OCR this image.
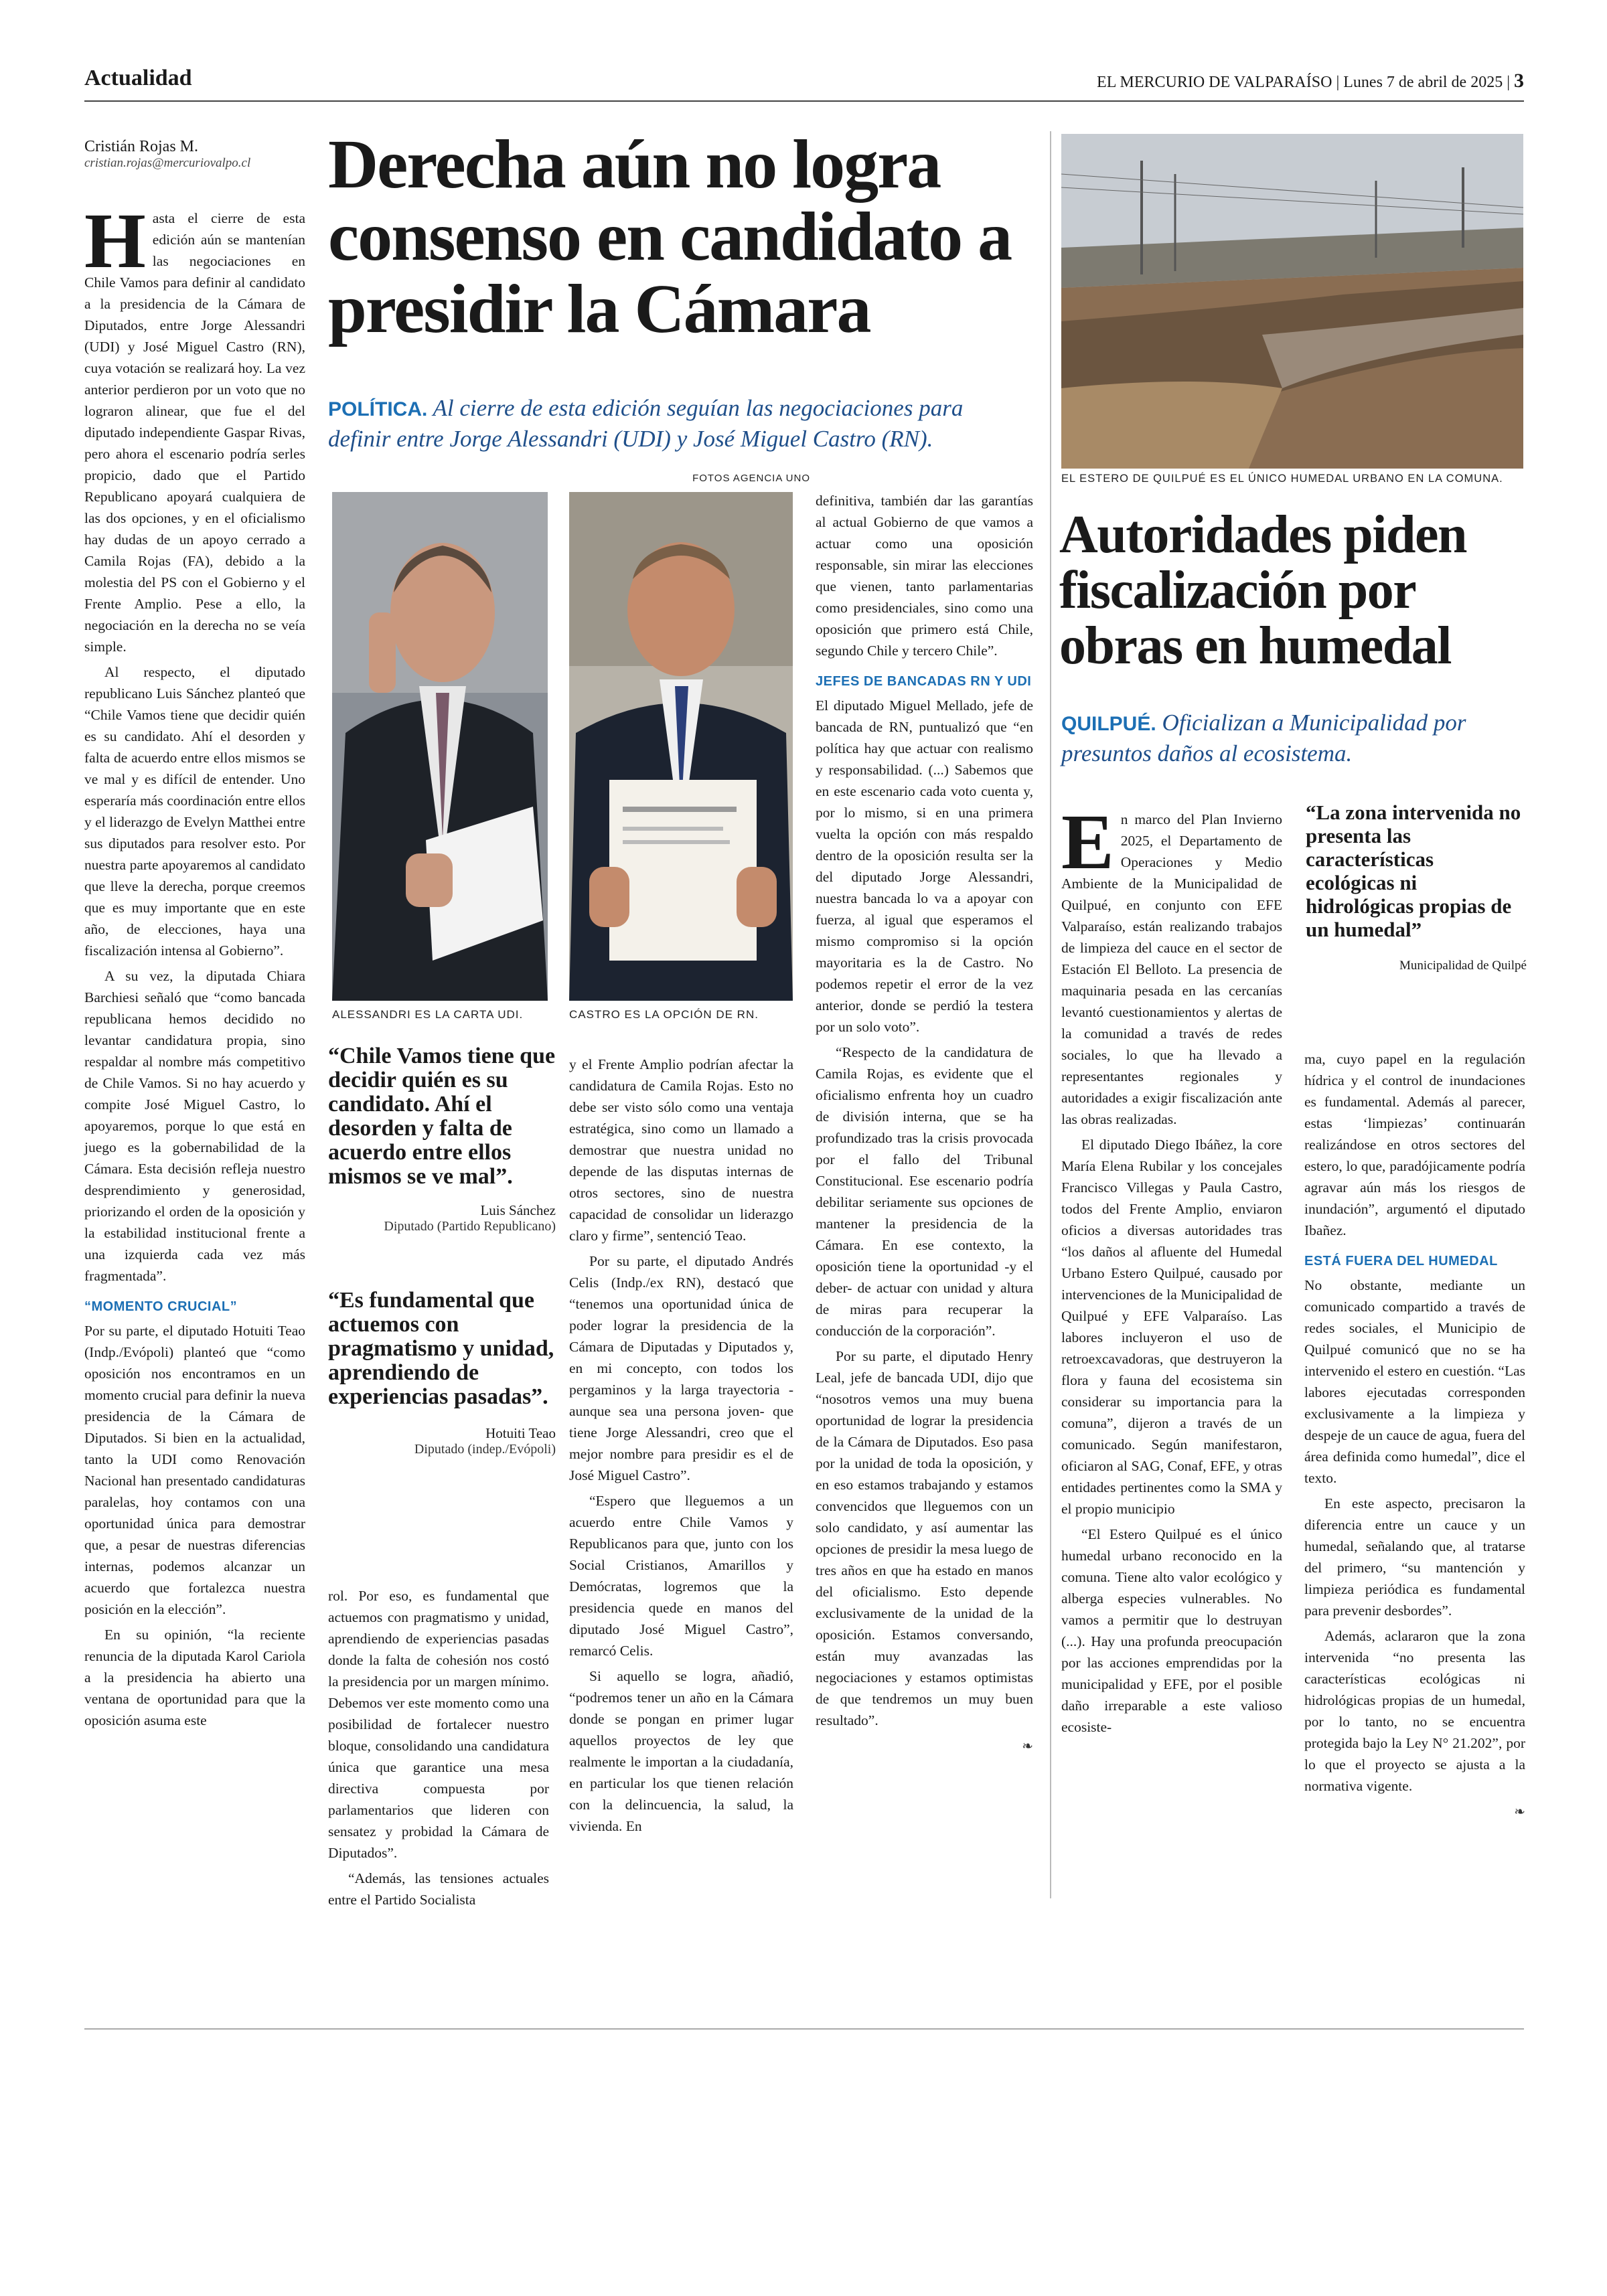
Actualidad	EL MERCURIO DE VALPARAÍSO | Lunes 7 de abril de 2025 | 3
Cristián Rojas M.
cristian.rojas@mercuriovalpo.cl	Derecha aún no logra consenso en candidato a presidir la Cámara
POLÍTICA. Al cierre de esta edición seguían las negociaciones para definir entre Jorge Alessandri (UDI) y José Miguel Castro (RN).
FOTOS AGENCIA UNO
ALESSANDRI ES LA CARTA UDI.	CASTRO ES LA OPCIÓN DE RN.
H asta el cierre de esta edición aún se mantenían las negociaciones en Chile Vamos para definir al candidato a la presidencia de la Cámara de Diputados, entre Jorge Alessandri (UDI) y José Miguel Castro (RN), cuya votación se realizará hoy. La vez anterior perdieron por un voto que no lograron alinear, que fue el del diputado independiente Gaspar Rivas, pero ahora el escenario podría serles propicio, dado que el Partido Republicano apoyará cualquiera de las dos opciones, y en el oficialismo hay dudas de un apoyo cerrado a Camila Rojas (FA), debido a la molestia del PS con el Gobierno y el Frente Amplio. Pese a ello, la negociación en la derecha no se veía simple.

Al respecto, el diputado republicano Luis Sánchez planteó que “Chile Vamos tiene que decidir quién es su candidato. Ahí el desorden y falta de acuerdo entre ellos mismos se ve mal y es difícil de entender. Uno esperaría más coordinación entre ellos y el liderazgo de Evelyn Matthei entre sus diputados para resolver esto. Por nuestra parte apoyaremos al candidato que lleve la derecha, porque creemos que es muy importante que en este año, de elecciones, haya una fiscalización intensa al Gobierno”.

A su vez, la diputada Chiara Barchiesi señaló que “como bancada republicana hemos decidido no levantar candidatura propia, sino respaldar al nombre más competitivo de Chile Vamos. Si no hay acuerdo y compite José Miguel Castro, lo apoyaremos, porque lo que está en juego es la gobernabilidad de la Cámara. Esta decisión refleja nuestro desprendimiento y generosidad, priorizando el orden de la oposición y la estabilidad institucional frente a una izquierda cada vez más fragmentada”.

“MOMENTO CRUCIAL”

Por su parte, el diputado Hotuiti Teao (Indp./Evópoli) planteó que “como oposición nos encontramos en un momento crucial para definir la nueva presidencia de la Cámara de Diputados. Si bien en la actualidad, tanto la UDI como Renovación Nacional han presentado candidaturas paralelas, hoy contamos con una oportunidad única para demostrar que, a pesar de nuestras diferencias internas, podemos alcanzar un acuerdo que fortalezca nuestra posición en la elección”.

En su opinión, “la reciente renuncia de la diputada Karol Cariola a la presidencia ha abierto una ventana de oportunidad para que la oposición asuma este

“Chile Vamos tiene que decidir quién es su candidato. Ahí el desorden y falta de acuerdo entre ellos mismos se ve mal”.
Luis Sánchez
Diputado (Partido Republicano)
“Es fundamental que actuemos con pragmatismo y unidad, aprendiendo de experiencias pasadas”.
Hotuiti Teao
Diputado (indep./Evópoli)

rol. Por eso, es fundamental que actuemos con pragmatismo y unidad, aprendiendo de experiencias pasadas donde la falta de cohesión nos costó la presidencia por un margen mínimo. Debemos ver este momento como una posibilidad de fortalecer nuestro bloque, consolidando una candidatura única que garantice una mesa directiva compuesta por parlamentarios que lideren con sensatez y probidad la Cámara de Diputados”.

“Además, las tensiones actuales entre el Partido Socialista

y el Frente Amplio podrían afectar la candidatura de Camila Rojas. Esto no debe ser visto sólo como una ventaja estratégica, sino como un llamado a demostrar que nuestra unidad no depende de las disputas internas de otros sectores, sino de nuestra capacidad de consolidar un liderazgo claro y firme”, sentenció Teao.

Por su parte, el diputado Andrés Celis (Indp./ex RN), destacó que “tenemos una oportunidad única de poder lograr la presidencia de la Cámara de Diputadas y Diputados y, en mi concepto, con todos los pergaminos y la larga trayectoria -aunque sea una persona joven- que tiene Jorge Alessandri, creo que el mejor nombre para presidir es el de José Miguel Castro”.

“Espero que lleguemos a un acuerdo entre Chile Vamos y Republicanos para que, junto con los Social Cristianos, Amarillos y Demócratas, logremos que la presidencia quede en manos del diputado José Miguel Castro”, remarcó Celis.

Si aquello se logra, añadió, “podremos tener un año en la Cámara donde se pongan en primer lugar aquellos proyectos de ley que realmente le importan a la ciudadanía, en particular los que tienen relación con la delincuencia, la salud, la vivienda. En

definitiva, también dar las garantías al actual Gobierno de que vamos a actuar como una oposición responsable, sin mirar las elecciones que vienen, tanto parlamentarias como presidenciales, sino como una oposición que primero está Chile, segundo Chile y tercero Chile”.

JEFES DE BANCADAS RN Y UDI

El diputado Miguel Mellado, jefe de bancada de RN, puntualizó que “en política hay que actuar con realismo y responsabilidad. (...) Sabemos que en este escenario cada voto cuenta y, por lo mismo, si en una primera vuelta la opción con más respaldo dentro de la oposición resulta ser la del diputado Jorge Alessandri, nuestra bancada lo va a apoyar con fuerza, al igual que esperamos el mismo compromiso si la opción mayoritaria es la de Castro. No podemos repetir el error de la vez anterior, donde se perdió la testera por un solo voto”.

“Respecto de la candidatura de Camila Rojas, es evidente que el oficialismo enfrenta hoy un cuadro de división interna, que se ha profundizado tras la crisis provocada por el fallo del Tribunal Constitucional. Ese escenario podría debilitar seriamente sus opciones de mantener la presidencia de la Cámara. En ese contexto, la oposición tiene la oportunidad -y el deber- de actuar con unidad y altura de miras para recuperar la conducción de la corporación”.

Por su parte, el diputado Henry Leal, jefe de bancada UDI, dijo que “nosotros vemos una muy buena oportunidad de lograr la presidencia de la Cámara de Diputados. Eso pasa por la unidad de toda la oposición, y en eso estamos trabajando y estamos convencidos que lleguemos con un solo candidato, y así aumentar las opciones de presidir la mesa luego de tres años en que ha estado en manos del oficialismo. Esto depende exclusivamente de la unidad de la oposición. Estamos conversando, están muy avanzadas las negociaciones y estamos optimistas de que tendremos un muy buen resultado”.

❧
EL ESTERO DE QUILPUÉ ES EL ÚNICO HUMEDAL URBANO EN LA COMUNA.
Autoridades piden fiscalización por obras en humedal
QUILPUÉ. Oficializan a Municipalidad por presuntos daños al ecosistema.
E n marco del Plan Invierno 2025, el Departamento de Operaciones y Medio Ambiente de la Municipalidad de Quilpué, en conjunto con EFE Valparaíso, están realizando trabajos de limpieza del cauce en el sector de Estación El Belloto. La presencia de maquinaria pesada en las cercanías levantó cuestionamientos y alertas de la comunidad a través de redes sociales, lo que ha llevado a representantes regionales y autoridades a exigir fiscalización ante las obras realizadas.

El diputado Diego Ibáñez, la core María Elena Rubilar y los concejales Francisco Villegas y Paula Castro, todos del Frente Amplio, enviaron oficios a diversas autoridades tras “los daños al afluente del Humedal Urbano Estero Quilpué, causado por intervenciones de la Municipalidad de Quilpué y EFE Valparaíso. Las labores incluyeron el uso de retroexcavadoras, que destruyeron la flora y fauna del ecosistema sin considerar su importancia para la comuna”, dijeron a través de un comunicado. Según manifestaron, oficiaron al SAG, Conaf, EFE, y otras entidades pertinentes como la SMA y el propio municipio

“El Estero Quilpué es el único humedal urbano reconocido en la comuna. Tiene alto valor ecológico y alberga especies vulnerables. No vamos a permitir que lo destruyan (...). Hay una profunda preocupación por las acciones emprendidas por la municipalidad y EFE, por el posible daño irreparable a este valioso ecosiste-

“La zona intervenida no presenta las características ecológicas ni hidrológicas propias de un humedal”
Municipalidad de Quilpé

ma, cuyo papel en la regulación hídrica y el control de inundaciones es fundamental. Además al parecer, estas ‘limpiezas’ continuarán realizándose en otros sectores del estero, lo que, paradójicamente podría agravar aún más los riesgos de inundación”, argumentó el diputado Ibañez.

ESTÁ FUERA DEL HUMEDAL

No obstante, mediante un comunicado compartido a través de redes sociales, el Municipio de Quilpué comunicó que no se ha intervenido el estero en cuestión. “Las labores ejecutadas corresponden exclusivamente a la limpieza y despeje de un cauce de agua, fuera del área definida como humedal”, dice el texto.

En este aspecto, precisaron la diferencia entre un cauce y un humedal, señalando que, al tratarse del primero, “su mantención y limpieza periódica es fundamental para prevenir desbordes”.

Además, aclararon que la zona intervenida “no presenta las características ecológicas ni hidrológicas propias de un humedal, por lo tanto, no se encuentra protegida bajo la Ley N° 21.202”, por lo que el proyecto se ajusta a la normativa vigente.

❧
